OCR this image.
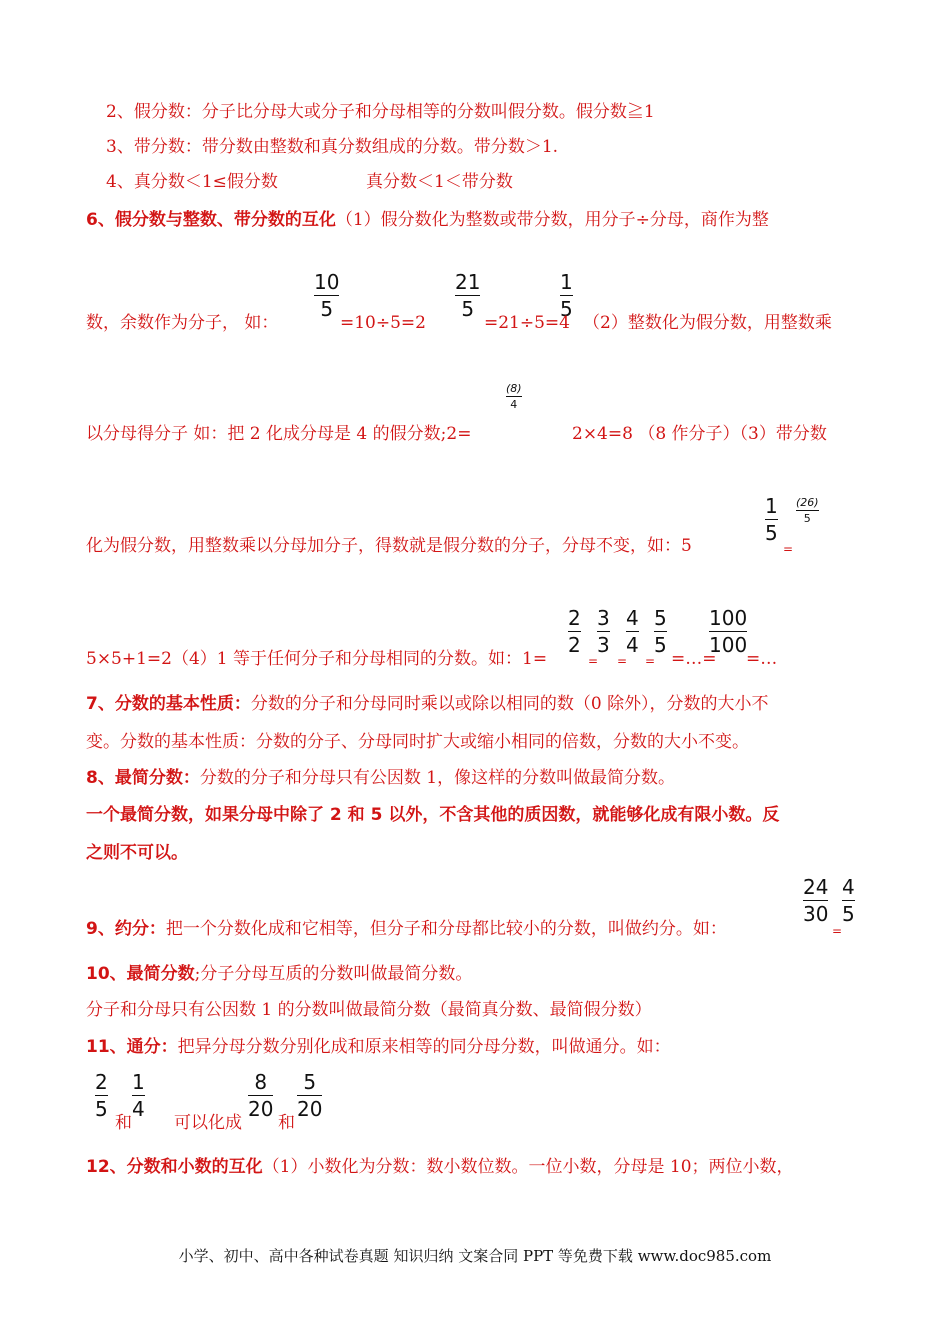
2、假分数：分子比分母大或分子和分母相等的分数叫假分数。假分数≧1
3、带分数：带分数由整数和真分数组成的分数。带分数＞1.
4、真分数＜1≤假分数	真分数＜1＜带分数
6、假分数与整数、带分数的互化（1）假分数化为整数或带分数，用分子÷分母，商作为整
10
5
21
5
1
5
数，余数作为分子， 如：	=10÷5=2	=21÷5=4 （2）整数化为假分数，用整数乘
(8)
4
以分母得分子 如：把 2 化成分母是 4 的假分数;2=	2×4=8 （8 作分子）（3）带分数
1
5
(26)
5
化为假分数，用整数乘以分母加分子，得数就是假分数的分子，分母不变，如：5	=
2
2
3
3
4
4
5
5
100
100
5×5+1=2（4）1 等于任何分子和分母相同的分数。如：1=	= = = =…= =…
7、分数的基本性质：分数的分子和分母同时乘以或除以相同的数（0 除外），分数的大小不
变。分数的基本性质：分数的分子、分母同时扩大或缩小相同的倍数，分数的大小不变。
8、最简分数：分数的分子和分母只有公因数 1，像这样的分数叫做最简分数。
一个最简分数，如果分母中除了 2 和 5 以外，不含其他的质因数，就能够化成有限小数。反
之则不可以。
24
30
4
5
9、约分：把一个分数化成和它相等，但分子和分母都比较小的分数，叫做约分。如：	=
10、最简分数;分子分母互质的分数叫做最简分数。
分子和分母只有公因数 1 的分数叫做最简分数（最简真分数、最简假分数）
11、通分：把异分母分数分别化成和原来相等的同分母分数，叫做通分。如：
2
5
1
4
8
20
5
20
和 可以化成 和
12、分数和小数的互化（1）小数化为分数：数小数位数。一位小数，分母是 10；两位小数，
小学、初中、高中各种试卷真题 知识归纳 文案合同 PPT 等免费下载 www.doc985.com
